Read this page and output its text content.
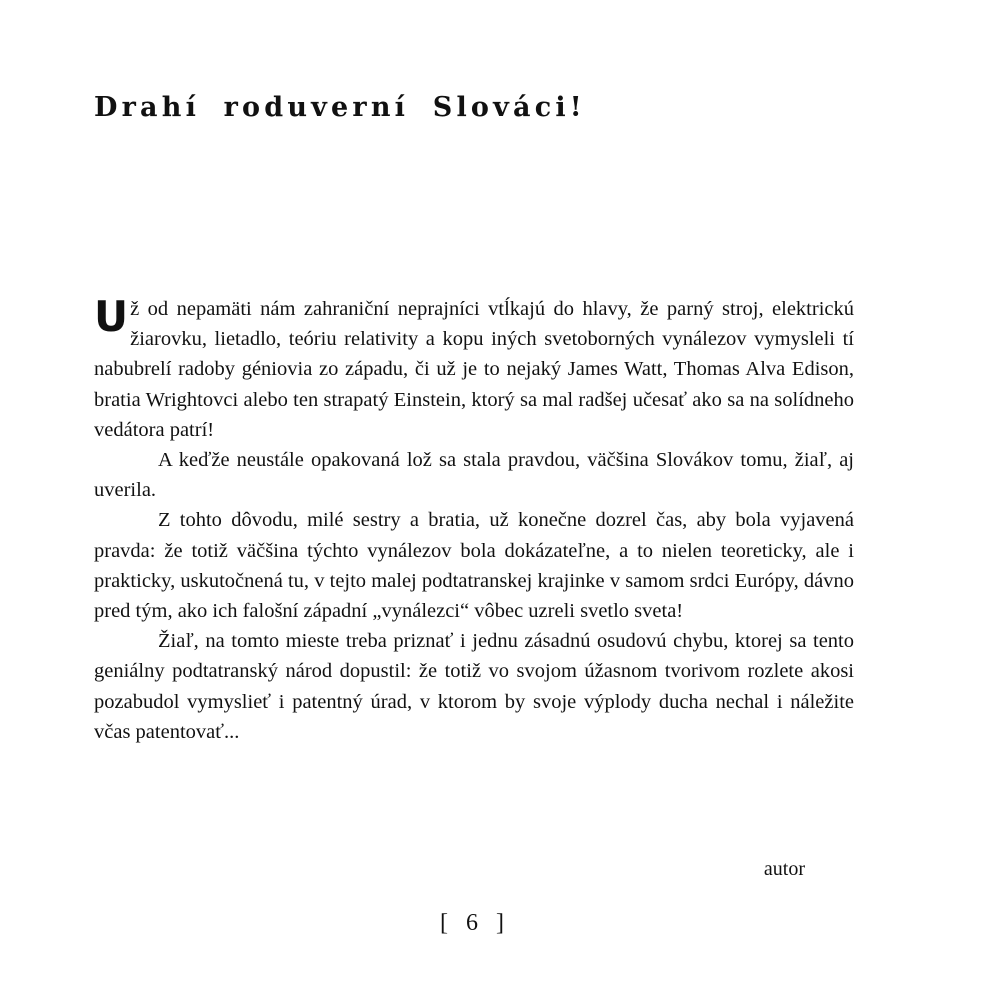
Drahí roduverní Slováci!

Už od nepamäti nám zahraniční neprajníci vtĺkajú do hlavy, že parný stroj, elektrickú žiarovku, lietadlo, teóriu relativity a kopu iných svetoborných vynálezov vymysleli tí nabubrelí radoby géniovia zo západu, či už je to nejaký James Watt, Thomas Alva Edison, bratia Wrightovci alebo ten strapatý Einstein, ktorý sa mal radšej učesať ako sa na solídneho vedátora patrí!

A keďže neustále opakovaná lož sa stala pravdou, väčšina Slovákov tomu, žiaľ, aj uverila.

Z tohto dôvodu, milé sestry a bratia, už konečne dozrel čas, aby bola vyjavená pravda: že totiž väčšina týchto vynálezov bola dokázateľne, a to nielen teoreticky, ale i prakticky, uskutočnená tu, v tejto malej podtatranskej krajinke v samom srdci Európy, dávno pred tým, ako ich falošní západní „vynálezci“ vôbec uzreli svetlo sveta!

Žiaľ, na tomto mieste treba priznať i jednu zásadnú osudovú chybu, ktorej sa tento geniálny podtatranský národ dopustil: že totiž vo svojom úžasnom tvorivom rozlete akosi pozabudol vymyslieť i patentný úrad, v ktorom by svoje výplody ducha nechal i náležite včas patentovať...

autor
[ 6 ]
